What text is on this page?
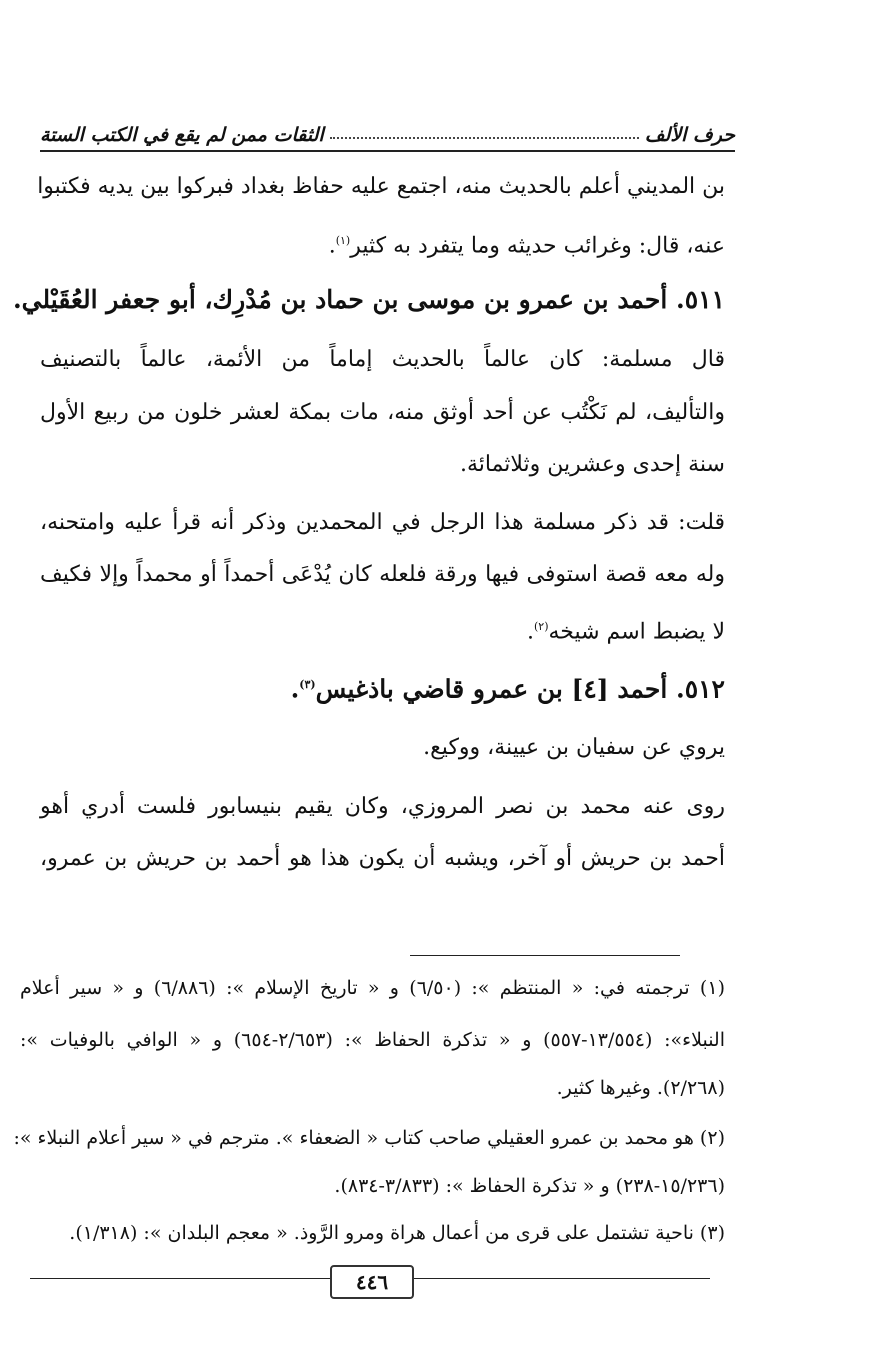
حرف الألف
الثقات ممن لم يقع في الكتب الستة
بن المديني أعلم بالحديث منه، اجتمع عليه حفاظ بغداد فبركوا بين يديه فكتبوا
عنه، قال: وغرائب حديثه وما يتفرد به كثير$^{(١)}$.
٥١١. أحمد بن عمرو بن موسى بن حماد بن مُدْرِك، أبو جعفر العُقَيْلي.
قال مسلمة: كان عالماً بالحديث إماماً من الأئمة، عالماً بالتصنيف
والتأليف، لم نَكْتُب عن أحد أوثق منه، مات بمكة لعشر خلون من ربيع الأول
سنة إحدى وعشرين وثلاثمائة.
قلت: قد ذكر مسلمة هذا الرجل في المحمدين وذكر أنه قرأ عليه وامتحنه،
وله معه قصة استوفى فيها ورقة فلعله كان يُدْعَى أحمداً أو محمداً وإلا فكيف
لا يضبط اسم شيخه$^{(٢)}$.
٥١٢. أحمد [٤] بن عمرو قاضي باذغيس$^{(٣)}$.
يروي عن سفيان بن عيينة، ووكيع.
روى عنه محمد بن نصر المروزي، وكان يقيم بنيسابور فلست أدري أهو
أحمد بن حريش أو آخر، ويشبه أن يكون هذا هو أحمد بن حريش بن عمرو،
(١) ترجمته في: « المنتظم »: (٦/٥٠) و « تاريخ الإسلام »: (٦/٨٨٦) و « سير أعلام
النبلاء»: (١٣/٥٥٤-٥٥٧) و « تذكرة الحفاظ »: (٢/٦٥٣-٦٥٤) و « الوافي بالوفيات »:
(٢/٢٦٨). وغيرها كثير.
(٢) هو محمد بن عمرو العقيلي صاحب كتاب « الضعفاء ». مترجم في « سير أعلام النبلاء »:
(١٥/٢٣٦-٢٣٨) و « تذكرة الحفاظ »: (٣/٨٣٣-٨٣٤).
(٣) ناحية تشتمل على قرى من أعمال هراة ومرو الرَّوذ. « معجم البلدان »: (١/٣١٨).
٤٤٦
